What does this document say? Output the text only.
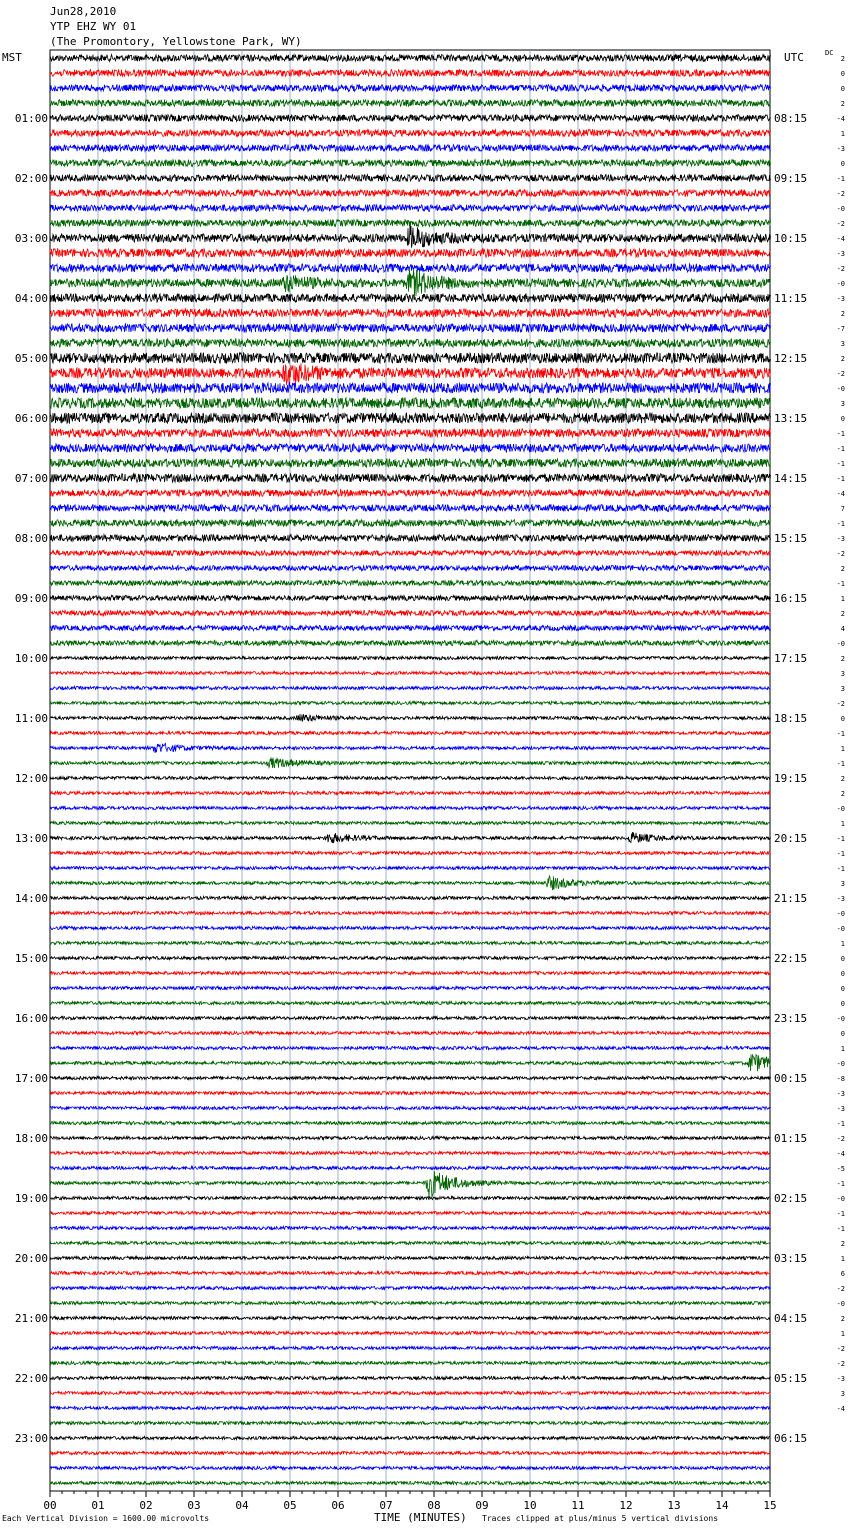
Jun28,2010
YTP EHZ WY 01
(The Promontory, Yellowstone Park, WY)
MST	UTC	DC
01:00
02:00
03:00
04:00
05:00
06:00
07:00
08:00
09:00
10:00
11:00
12:00
13:00
14:00
15:00
16:00
17:00
18:00
19:00
20:00
21:00
22:00
23:00
08:15
09:15
10:15
11:15
12:15
13:15
14:15
15:15
16:15
17:15
18:15
19:15
20:15
21:15
22:15
23:15
00:15
01:15
02:15
03:15
04:15
05:15
06:15
2
0
0
2
-4
1
-3
0
-1
-2
-0
-2
-4
-3
-2
-0
-3
2
-7
3
2
-2
-0
3
0
-1
-1
-1
-1
-4
7
-1
-3
-2
2
-1
1
2
4
-0
2
3
3
-2
0
-1
1
-1
2
2
-0
1
-1
-1
-1
3
-3
-0
-0
1
0
0
0
0
-0
0
1
-0
-8
-3
-3
-1
-2
-4
-5
-1
-0
-1
-1
2
1
6
-2
-0
2
1
-2
-2
-3
3
-4
00	01	02	03	04	05	06	07	08	09	10	11	12	13	14	15
Each Vertical Division = 1600.00 microvolts	TIME (MINUTES) Traces clipped at plus/minus 5 vertical divisions
